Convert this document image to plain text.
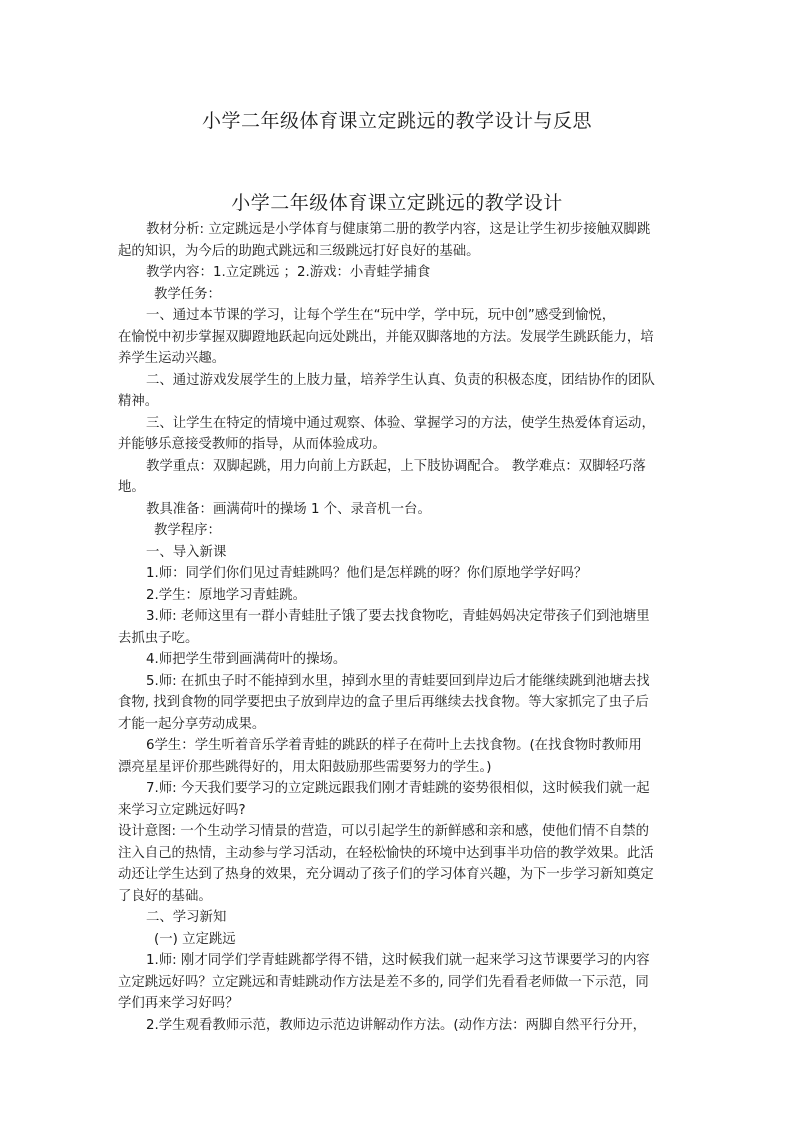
小学二年级体育课立定跳远的教学设计与反思
小学二年级体育课立定跳远的教学设计

教材分析: 立定跳远是小学体育与健康第二册的教学内容，这是让学生初步接触双脚跳

起的知识，为今后的助跑式跳远和三级跳远打好良好的基础。

教学内容：1.立定跳远 ；2.游戏：小青蛙学捕食

教学任务：

一、通过本节课的学习，让每个学生在“玩中学，学中玩，玩中创”感受到愉悦，

在愉悦中初步掌握双脚蹬地跃起向远处跳出，并能双脚落地的方法。发展学生跳跃能力，培

养学生运动兴趣。

二、通过游戏发展学生的上肢力量，培养学生认真、负责的积极态度，团结协作的团队

精神。

三、让学生在特定的情境中通过观察、体验、掌握学习的方法，使学生热爱体育运动，

并能够乐意接受教师的指导，从而体验成功。

教学重点：双脚起跳，用力向前上方跃起，上下肢协调配合。 教学难点：双脚轻巧落

地。

教具准备：画满荷叶的操场 1 个、录音机一台。

教学程序：

一、导入新课

1.师：同学们你们见过青蛙跳吗？他们是怎样跳的呀？你们原地学学好吗？

2.学生：原地学习青蛙跳。

3.师: 老师这里有一群小青蛙肚子饿了要去找食物吃，青蛙妈妈决定带孩子们到池塘里

去抓虫子吃。

4.师把学生带到画满荷叶的操场。

5.师: 在抓虫子时不能掉到水里，掉到水里的青蛙要回到岸边后才能继续跳到池塘去找

食物, 找到食物的同学要把虫子放到岸边的盒子里后再继续去找食物。等大家抓完了虫子后

才能一起分享劳动成果。

6学生：学生听着音乐学着青蛙的跳跃的样子在荷叶上去找食物。(在找食物时教师用

漂亮星星评价那些跳得好的，用太阳鼓励那些需要努力的学生。)

7.师: 今天我们要学习的立定跳远跟我们刚才青蛙跳的姿势很相似，这时候我们就一起

来学习立定跳远好吗?

设计意图: 一个生动学习情景的营造，可以引起学生的新鲜感和亲和感，使他们情不自禁的

注入自己的热情，主动参与学习活动，在轻松愉快的环境中达到事半功倍的教学效果。此活

动还让学生达到了热身的效果，充分调动了孩子们的学习体育兴趣，为下一步学习新知奠定

了良好的基础。

二、学习新知

(一) 立定跳远

1.师: 刚才同学们学青蛙跳都学得不错，这时候我们就一起来学习这节课要学习的内容

立定跳远好吗？立定跳远和青蛙跳动作方法是差不多的, 同学们先看看老师做一下示范，同

学们再来学习好吗？

2.学生观看教师示范，教师边示范边讲解动作方法。(动作方法：两脚自然平行分开，
